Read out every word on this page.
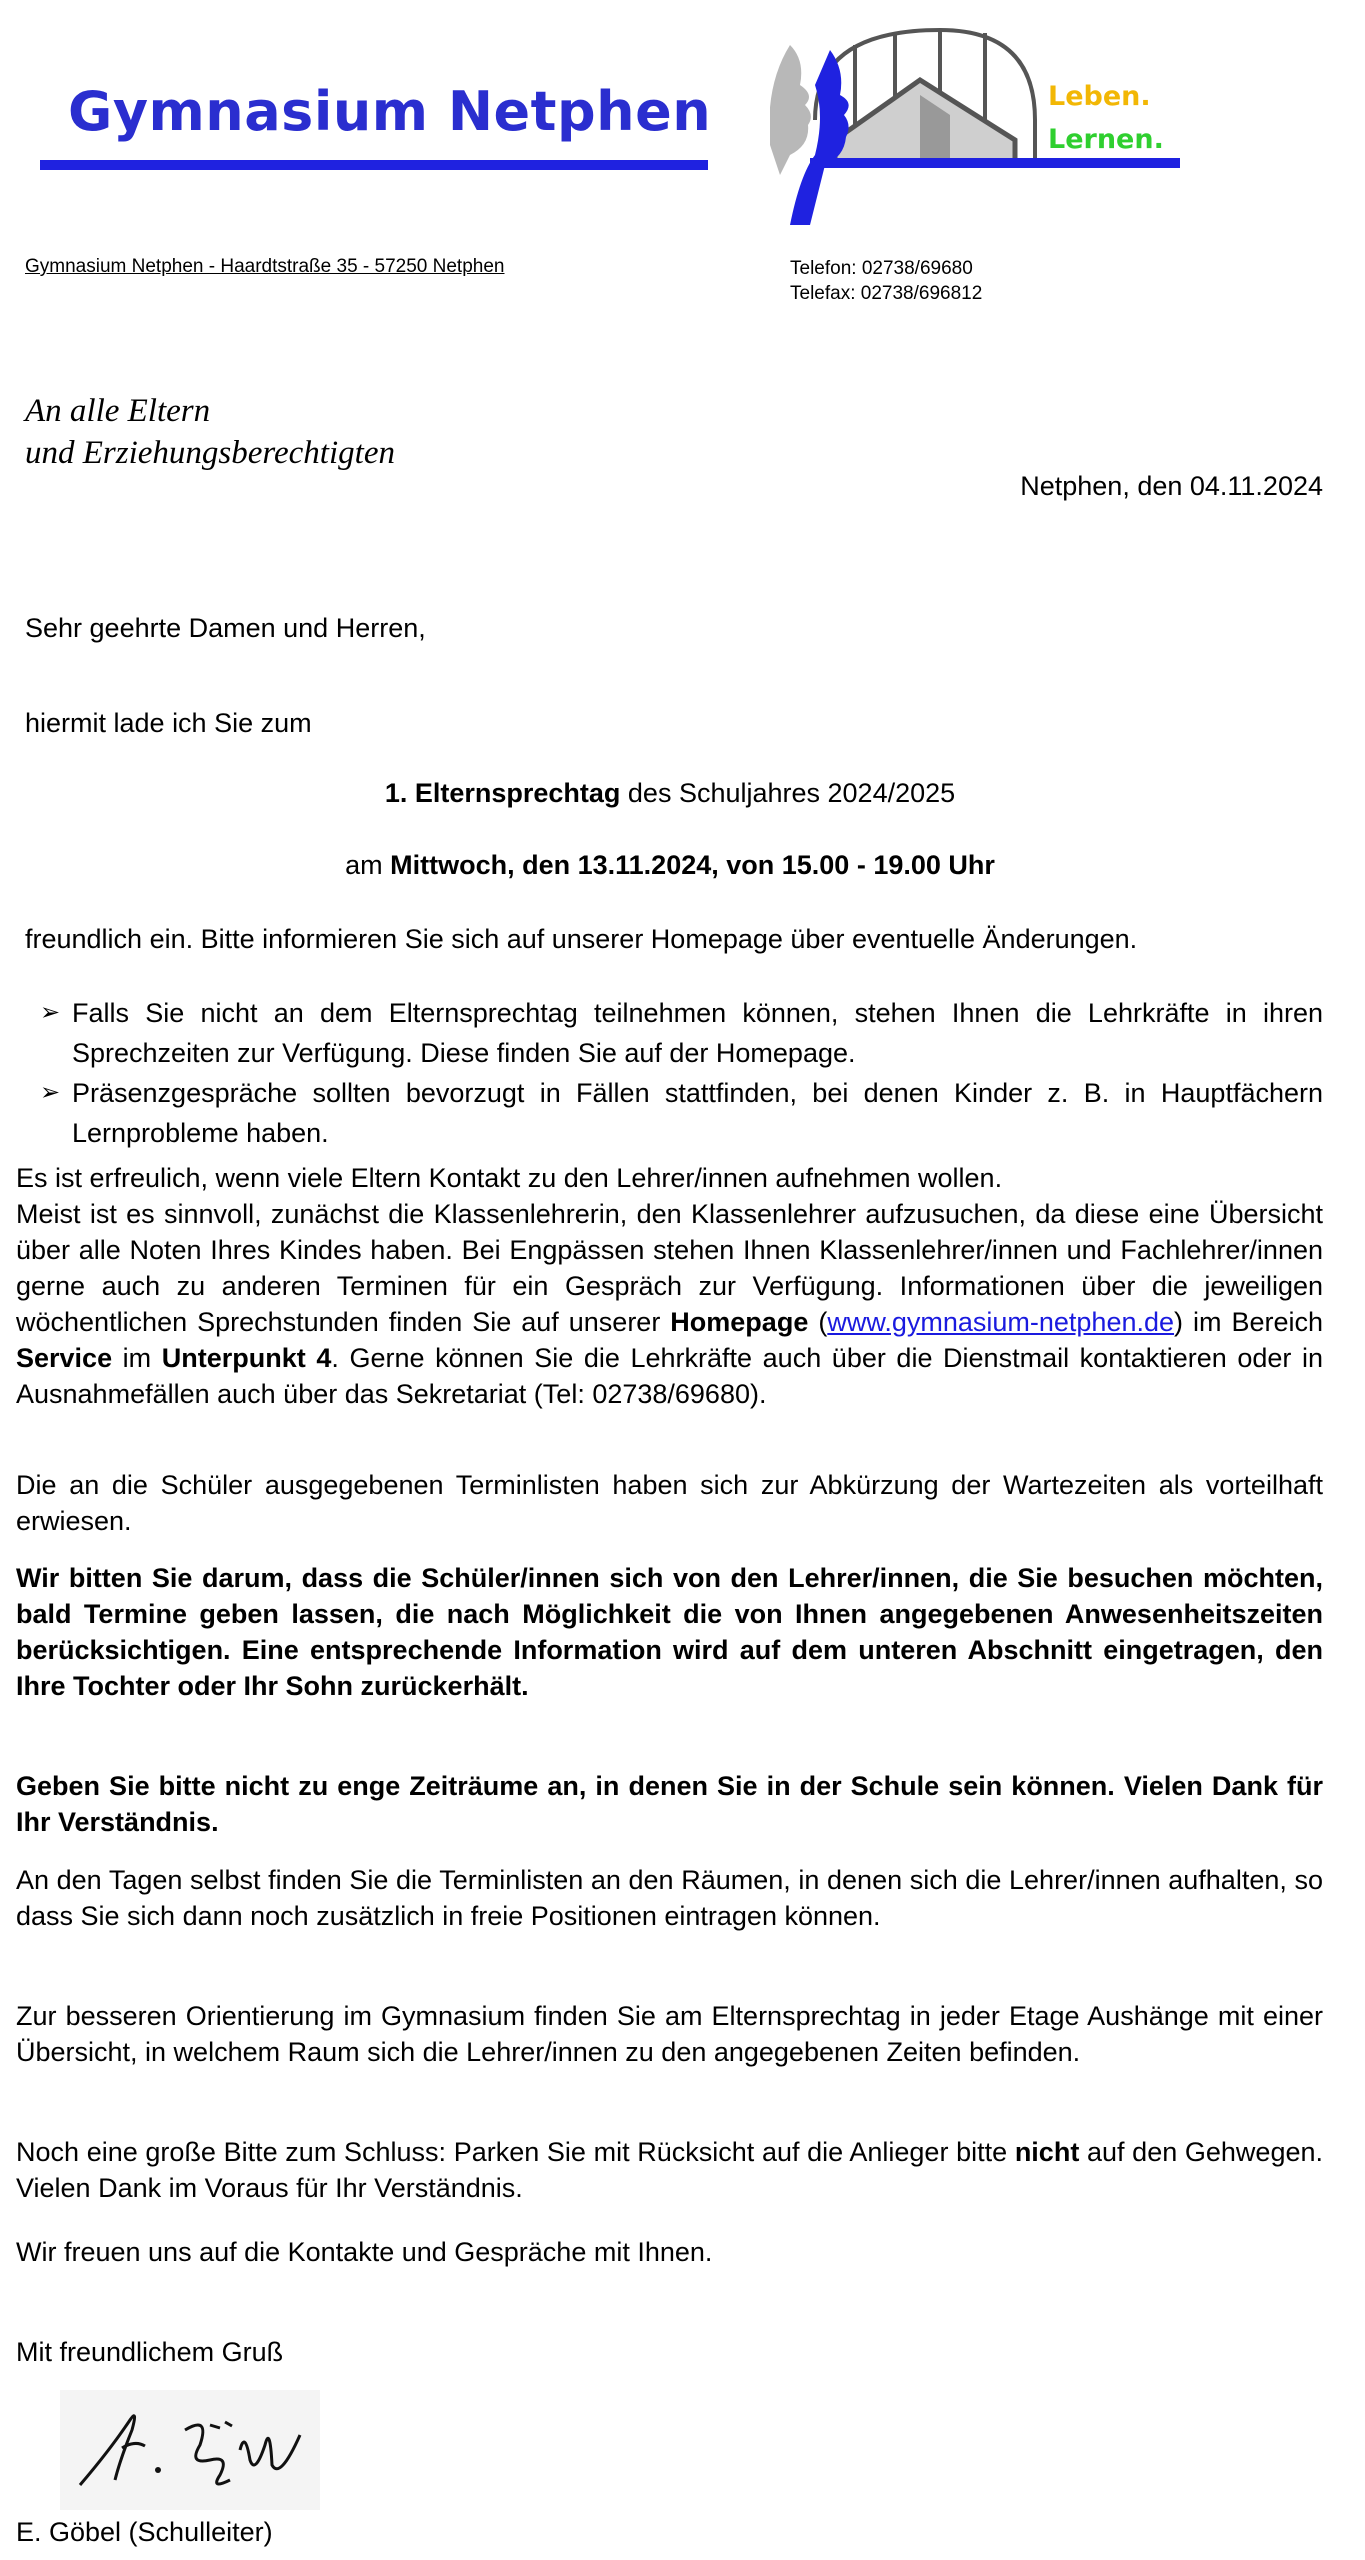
Gymnasium Netphen	Leben.
Lernen.
Gymnasium Netphen - Haardtstraße 35 - 57250 Netphen	Telefon: 02738/69680
Telefax: 02738/696812
An alle Eltern
und Erziehungsberechtigten
Netphen, den 04.11.2024
Sehr geehrte Damen und Herren,
hiermit lade ich Sie zum
1. Elternsprechtag des Schuljahres 2024/2025
am Mittwoch, den 13.11.2024, von 15.00 - 19.00 Uhr
freundlich ein. Bitte informieren Sie sich auf unserer Homepage über eventuelle Änderungen.
➢ Falls Sie nicht an dem Elternsprechtag teilnehmen können, stehen Ihnen die Lehrkräfte in ihren Sprechzeiten zur Verfügung. Diese finden Sie auf der Homepage.
➢ Präsenzgespräche sollten bevorzugt in Fällen stattfinden, bei denen Kinder z. B. in Hauptfächern Lernprobleme haben.
Es ist erfreulich, wenn viele Eltern Kontakt zu den Lehrer/innen aufnehmen wollen.
Meist ist es sinnvoll, zunächst die Klassenlehrerin, den Klassenlehrer aufzusuchen, da diese eine Übersicht über alle Noten Ihres Kindes haben. Bei Engpässen stehen Ihnen Klassenlehrer/innen und Fachlehrer/innen gerne auch zu anderen Terminen für ein Gespräch zur Verfügung. Informationen über die jeweiligen wöchentlichen Sprechstunden finden Sie auf unserer Homepage (www.gymnasium-netphen.de) im Bereich Service im Unterpunkt 4. Gerne können Sie die Lehrkräfte auch über die Dienstmail kontaktieren oder in Ausnahmefällen auch über das Sekretariat (Tel: 02738/69680).
Die an die Schüler ausgegebenen Terminlisten haben sich zur Abkürzung der Wartezeiten als vorteilhaft erwiesen.
Wir bitten Sie darum, dass die Schüler/innen sich von den Lehrer/innen, die Sie besuchen möchten, bald Termine geben lassen, die nach Möglichkeit die von Ihnen angegebenen Anwesenheitszeiten berücksichtigen. Eine entsprechende Information wird auf dem unteren Abschnitt eingetragen, den Ihre Tochter oder Ihr Sohn zurückerhält.
Geben Sie bitte nicht zu enge Zeiträume an, in denen Sie in der Schule sein können. Vielen Dank für Ihr Verständnis.
An den Tagen selbst finden Sie die Terminlisten an den Räumen, in denen sich die Lehrer/innen aufhalten, so dass Sie sich dann noch zusätzlich in freie Positionen eintragen können.
Zur besseren Orientierung im Gymnasium finden Sie am Elternsprechtag in jeder Etage Aushänge mit einer Übersicht, in welchem Raum sich die Lehrer/innen zu den angegebenen Zeiten befinden.
Noch eine große Bitte zum Schluss: Parken Sie mit Rücksicht auf die Anlieger bitte nicht auf den Gehwegen. Vielen Dank im Voraus für Ihr Verständnis.
Wir freuen uns auf die Kontakte und Gespräche mit Ihnen.
Mit freundlichem Gruß
E. Göbel (Schulleiter)
